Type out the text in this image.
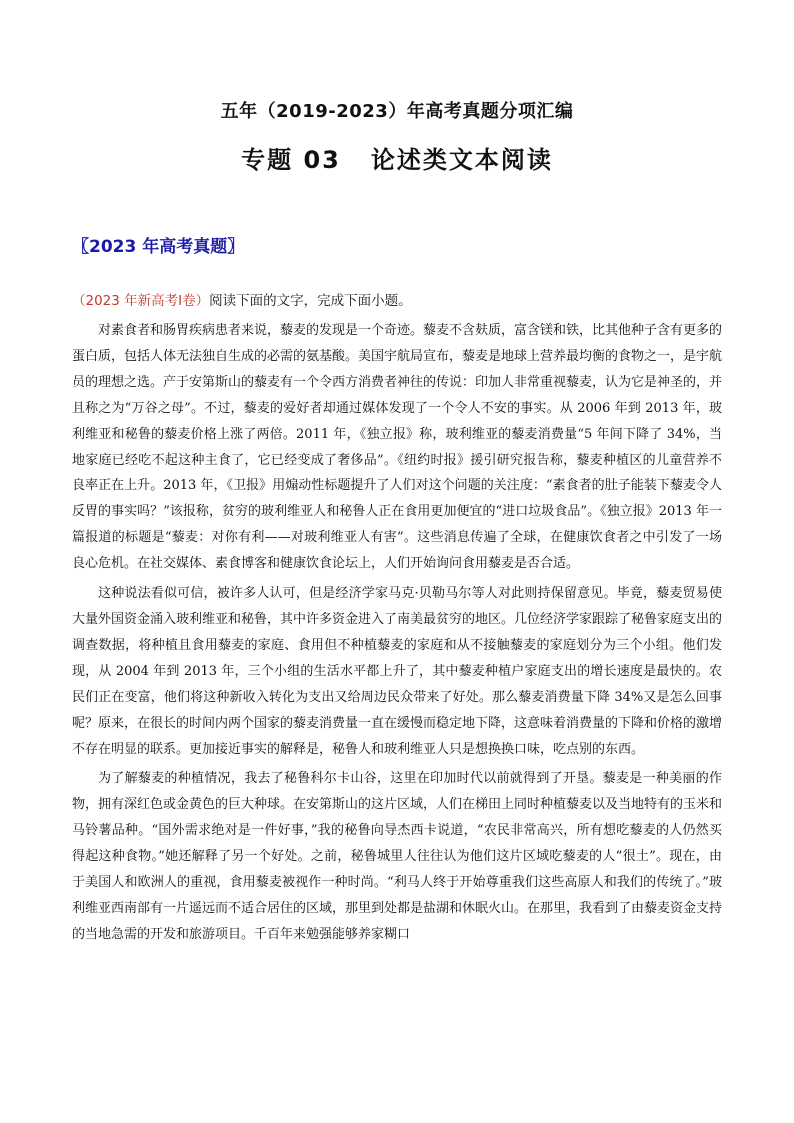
五年（2019-2023）年高考真题分项汇编
专题 03 论述类文本阅读
〖2023 年高考真题〗
（2023 年新高考Ⅰ卷）阅读下面的文字，完成下面小题。

对素食者和肠胃疾病患者来说，藜麦的发现是一个奇迹。藜麦不含麸质，富含镁和铁，比其他种子含有更多的蛋白质，包括人体无法独自生成的必需的氨基酸。美国宇航局宣布，藜麦是地球上营养最均衡的食物之一，是宇航员的理想之选。产于安第斯山的藜麦有一个令西方消费者神往的传说：印加人非常重视藜麦，认为它是神圣的，并且称之为“万谷之母”。不过，藜麦的爱好者却通过媒体发现了一个令人不安的事实。从 2006 年到 2013 年，玻利维亚和秘鲁的藜麦价格上涨了两倍。2011 年，《独立报》称，玻利维亚的藜麦消费量“5 年间下降了 34%，当地家庭已经吃不起这种主食了，它已经变成了奢侈品”。《纽约时报》援引研究报告称，藜麦种植区的儿童营养不良率正在上升。2013 年，《卫报》用煽动性标题提升了人们对这个问题的关注度：“素食者的肚子能装下藜麦令人反胃的事实吗？”该报称，贫穷的玻利维亚人和秘鲁人正在食用更加便宜的“进口垃圾食品”。《独立报》2013 年一篇报道的标题是“藜麦：对你有利——对玻利维亚人有害”。这些消息传遍了全球，在健康饮食者之中引发了一场良心危机。在社交媒体、素食博客和健康饮食论坛上，人们开始询问食用藜麦是否合适。

这种说法看似可信，被许多人认可，但是经济学家马克·贝勒马尔等人对此则持保留意见。毕竟，藜麦贸易使大量外国资金涌入玻利维亚和秘鲁，其中许多资金进入了南美最贫穷的地区。几位经济学家跟踪了秘鲁家庭支出的调查数据，将种植且食用藜麦的家庭、食用但不种植藜麦的家庭和从不接触藜麦的家庭划分为三个小组。他们发现，从 2004 年到 2013 年，三个小组的生活水平都上升了，其中藜麦种植户家庭支出的增长速度是最快的。农民们正在变富，他们将这种新收入转化为支出又给周边民众带来了好处。那么藜麦消费量下降 34%又是怎么回事呢？原来，在很长的时间内两个国家的藜麦消费量一直在缓慢而稳定地下降，这意味着消费量的下降和价格的激增不存在明显的联系。更加接近事实的解释是，秘鲁人和玻利维亚人只是想换换口味，吃点别的东西。

为了解藜麦的种植情况，我去了秘鲁科尔卡山谷，这里在印加时代以前就得到了开垦。藜麦是一种美丽的作物，拥有深红色或金黄色的巨大种球。在安第斯山的这片区域，人们在梯田上同时种植藜麦以及当地特有的玉米和马铃薯品种。“国外需求绝对是一件好事，”我的秘鲁向导杰西卡说道，“农民非常高兴，所有想吃藜麦的人仍然买得起这种食物。”她还解释了另一个好处。之前，秘鲁城里人往往认为他们这片区域吃藜麦的人“很土”。现在，由于美国人和欧洲人的重视，食用藜麦被视作一种时尚。“利马人终于开始尊重我们这些高原人和我们的传统了。”玻利维亚西南部有一片遥远而不适合居住的区域，那里到处都是盐湖和休眠火山。在那里，我看到了由藜麦资金支持的当地急需的开发和旅游项目。千百年来勉强能够养家糊口
